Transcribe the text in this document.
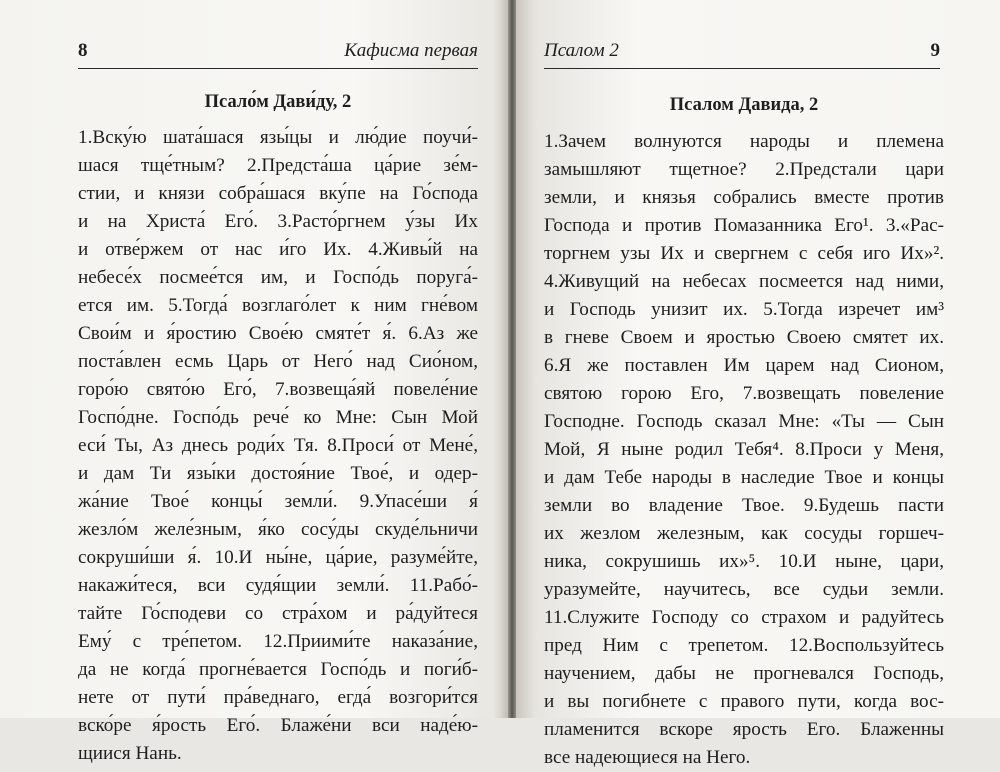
8	Кафисма первая
Псало́м Дави́ду, 2
1.Вску́ю шата́шася язы́цы и лю́дие поучи́-
шася тще́тным? 2.Предста́ша ца́рие зе́м-
стии, и князи собра́шася вку́пе на Го́спода
и на Христа́ Его́. 3.Расто́ргнем у́зы Их
и отве́ржем от нас и́го Их. 4.Живы́й на
небесе́х посмее́тся им, и Госпо́дь поруга́-
ется им. 5.Тогда́ возглаго́лет к ним гне́вом
Свои́м и я́ростию Свое́ю смяте́т я́. 6.Аз же
поста́влен есмь Царь от Него́ над Сио́ном,
горо́ю свято́ю Его́, 7.возвеща́яй повеле́ние
Госпо́дне. Госпо́дь рече́ ко Мне: Сын Мой
еси́ Ты, Аз днесь роди́х Тя. 8.Проси́ от Мене́,
и дам Ти язы́ки достоя́ние Твое́, и одер-
жа́ние Твое́ концы́ земли́. 9.Упасе́ши я́
жезло́м желе́зным, я́ко сосу́ды скуде́льничи
сокруши́ши я́. 10.И ны́не, ца́рие, разуме́йте,
накажи́теся, вси судя́щии земли́. 11.Рабо́-
тайте Го́сподеви со стра́хом и ра́дуйтеся
Ему́ с тре́петом. 12.Приими́те наказа́ние,
да не когда́ прогне́вается Госпо́дь и поги́б-
нете от пути́ пра́веднаго, егда́ возгори́тся
вско́ре я́рость Его́. Блаже́ни вси наде́ю-
щиися Нань.
Псалом 2	9
Псалом Давида, 2
1.Зачем волнуются народы и племена
замышляют тщетное? 2.Предстали цари
земли, и князья собрались вместе против
Господа и против Помазанника Его¹. 3.«Рас-
торгнем узы Их и свергнем с себя иго Их»².
4.Живущий на небесах посмеется над ними,
и Господь унизит их. 5.Тогда изречет им³
в гневе Своем и яростью Своею смятет их.
6.Я же поставлен Им царем над Сионом,
святою горою Его, 7.возвещать повеление
Господне. Господь сказал Мне: «Ты — Сын
Мой, Я ныне родил Тебя⁴. 8.Проси у Меня,
и дам Тебе народы в наследие Твое и концы
земли во владение Твое. 9.Будешь пасти
их жезлом железным, как сосуды горшеч-
ника, сокрушишь их»⁵. 10.И ныне, цари,
уразумейте, научитесь, все судьи земли.
11.Служите Господу со страхом и радуйтесь
пред Ним с трепетом. 12.Воспользуйтесь
научением, дабы не прогневался Господь,
и вы погибнете с правого пути, когда вос-
пламенится вскоре ярость Его. Блаженны
все надеющиеся на Него.
